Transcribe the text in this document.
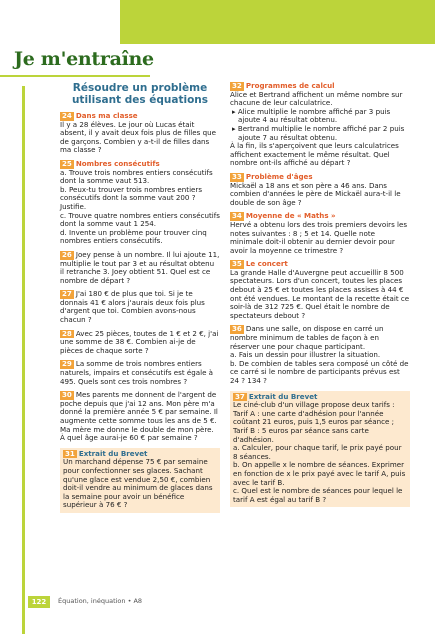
Je m'entraîne
Résoudre un problème utilisant des équations
24 Dans ma classe

Il y a 28 élèves. Le jour où Lucas était absent, il y avait deux fois plus de filles que de garçons. Combien y a-t-il de filles dans ma classe ?

25 Nombres consécutifs

a. Trouve trois nombres entiers consécutifs dont la somme vaut 513.

b. Peux-tu trouver trois nombres entiers consécutifs dont la somme vaut 200 ? Justifie.

c. Trouve quatre nombres entiers consécutifs dont la somme vaut 1 254.

d. Invente un problème pour trouver cinq nombres entiers consécutifs.

26 Joey pense à un nombre. Il lui ajoute 11, multiplie le tout par 3 et au résultat obtenu il retranche 3. Joey obtient 51. Quel est ce nombre de départ ?
27 J'ai 180 € de plus que toi. Si je te donnais 41 € alors j'aurais deux fois plus d'argent que toi. Combien avons-nous chacun ?
28 Avec 25 pièces, toutes de 1 € et 2 €, j'ai une somme de 38 €. Combien ai-je de pièces de chaque sorte ?
29 La somme de trois nombres entiers naturels, impairs et consécutifs est égale à 495. Quels sont ces trois nombres ?
30 Mes parents me donnent de l'argent de poche depuis que j'ai 12 ans. Mon père m'a donné la première année 5 € par semaine. Il augmente cette somme tous les ans de 5 €. Ma mère me donne le double de mon père. À quel âge aurai-je 60 € par semaine ?
31 Extrait du Brevet

Un marchand dépense 75 € par semaine pour confectionner ses glaces. Sachant qu'une glace est vendue 2,50 €, combien doit-il vendre au minimum de glaces dans la semaine pour avoir un bénéfice supérieur à 76 € ?

32 Programmes de calcul

Alice et Bertrand affichent un même nombre sur chacune de leur calculatrice.

▸ Alice multiplie le nombre affiché par 3 puis ajoute 4 au résultat obtenu.

▸ Bertrand multiplie le nombre affiché par 2 puis ajoute 7 au résultat obtenu.

À la fin, ils s'aperçoivent que leurs calculatrices affichent exactement le même résultat. Quel nombre ont-ils affiché au départ ?

33 Problème d'âges

Mickaël a 18 ans et son père a 46 ans. Dans combien d'années le père de Mickaël aura-t-il le double de son âge ?

34 Moyenne de « Maths »

Hervé a obtenu lors des trois premiers devoirs les notes suivantes : 8 ; 5 et 14. Quelle note minimale doit-il obtenir au dernier devoir pour avoir la moyenne ce trimestre ?

35 Le concert

La grande Halle d'Auvergne peut accueillir 8 500 spectateurs. Lors d'un concert, toutes les places debout à 25 € et toutes les places assises à 44 € ont été vendues. Le montant de la recette était ce soir-là de 312 725 €. Quel était le nombre de spectateurs debout ?

36 Dans une salle, on dispose en carré un nombre minimum de tables de façon à en réserver une pour chaque participant.

a. Fais un dessin pour illustrer la situation.

b. De combien de tables sera composé un côté de ce carré si le nombre de participants prévus est 24 ? 134 ?

37 Extrait du Brevet

Le ciné-club d'un village propose deux tarifs : Tarif A : une carte d'adhésion pour l'année coûtant 21 euros, puis 1,5 euros par séance ; Tarif B : 5 euros par séance sans carte d'adhésion.

a. Calculer, pour chaque tarif, le prix payé pour 8 séances.

b. On appelle x le nombre de séances. Exprimer en fonction de x le prix payé avec le tarif A, puis avec le tarif B.

c. Quel est le nombre de séances pour lequel le tarif A est égal au tarif B ?

122	Équation, inéquation • A8
